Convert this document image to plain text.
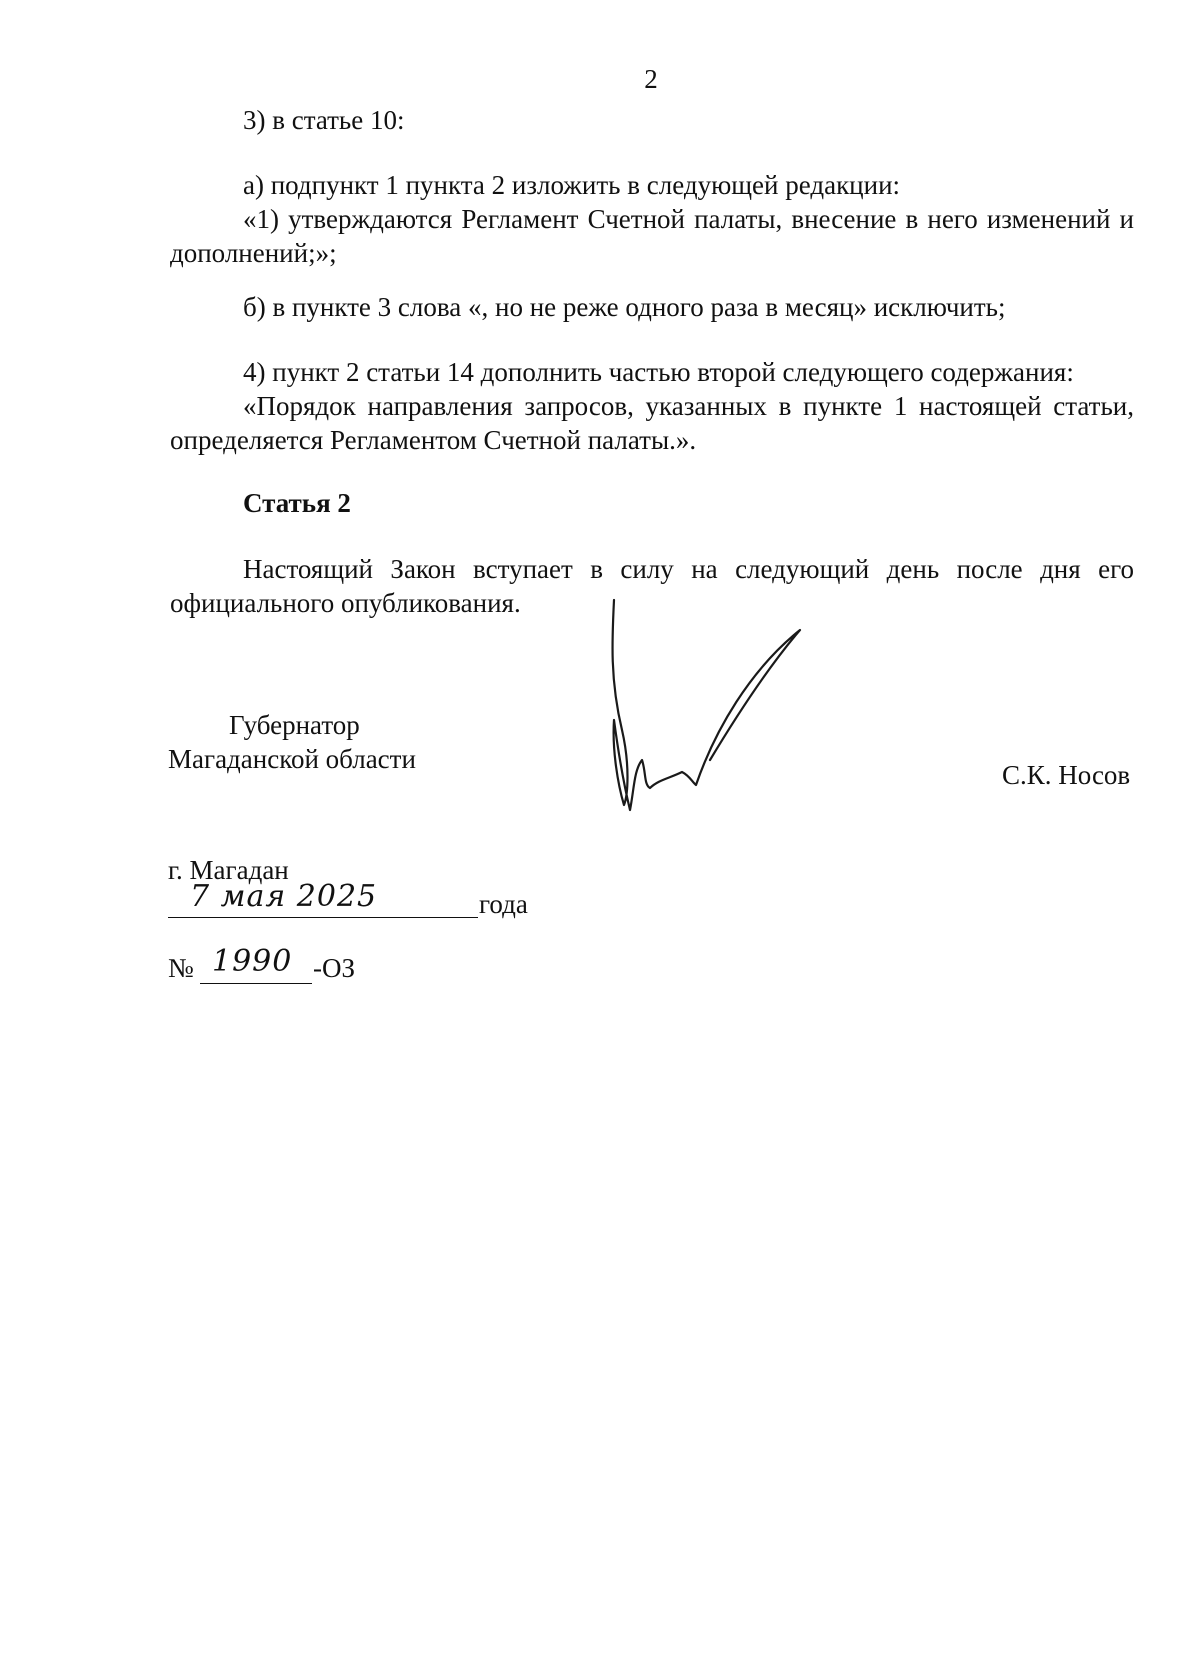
2
3) в статье 10:
а) подпункт 1 пункта 2 изложить в следующей редакции:
«1) утверждаются Регламент Счетной палаты, внесение в него изменений и дополнений;»;
б) в пункте 3 слова «, но не реже одного раза в месяц» исключить;
4) пункт 2 статьи 14 дополнить частью второй следующего содержания:
«Порядок направления запросов, указанных в пункте 1 настоящей статьи, определяется Регламентом Счетной палаты.».
Статья 2
Настоящий Закон вступает в силу на следующий день после дня его официального опубликования.
Губернатор
Магаданской области
С.К. Носов
г. Магадан
7 мая 2025	года
№ 1990 -ОЗ
